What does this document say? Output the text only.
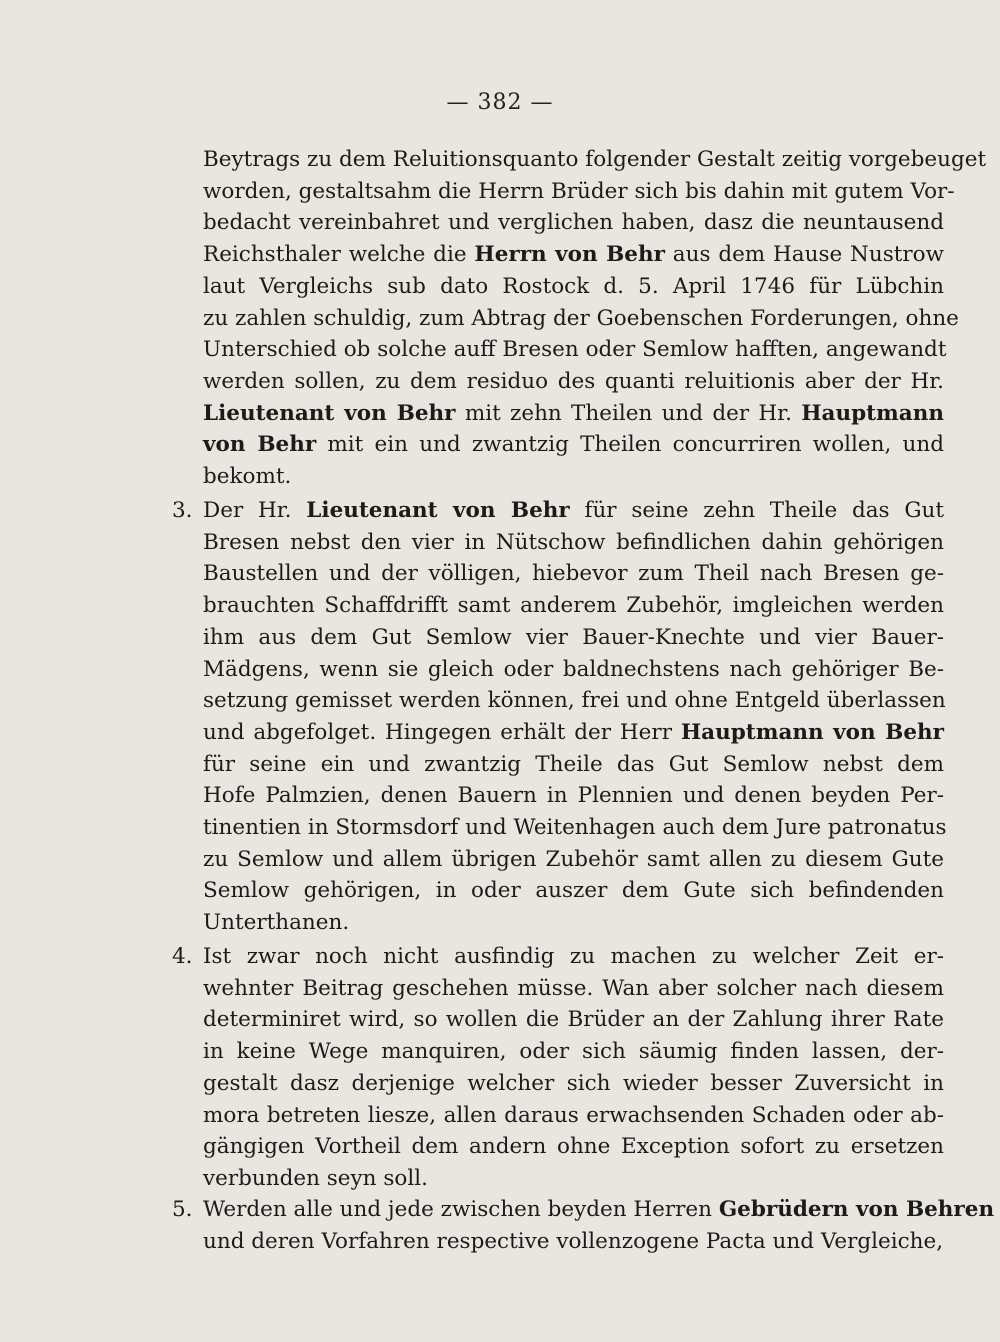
— 382 —
Beytrags zu dem Reluitionsquanto folgender Gestalt zeitig vorgebeuget
worden, gestaltsahm die Herrn Brüder sich bis dahin mit gutem Vor-
bedacht vereinbahret und verglichen haben, dasz die neuntausend
Reichsthaler welche die Herrn von Behr aus dem Hause Nustrow
laut Vergleichs sub dato Rostock d. 5. April 1746 für Lübchin
zu zahlen schuldig, zum Abtrag der Goebenschen Forderungen, ohne
Unterschied ob solche auff Bresen oder Semlow hafften, angewandt
werden sollen, zu dem residuo des quanti reluitionis aber der Hr.
Lieutenant von Behr mit zehn Theilen und der Hr. Hauptmann
von Behr mit ein und zwantzig Theilen concurriren wollen, und
bekomt.
3. Der Hr. Lieutenant von Behr für seine zehn Theile das Gut
Bresen nebst den vier in Nütschow befindlichen dahin gehörigen
Baustellen und der völligen, hiebevor zum Theil nach Bresen ge-
brauchten Schaffdrifft samt anderem Zubehör, imgleichen werden
ihm aus dem Gut Semlow vier Bauer-Knechte und vier Bauer-
Mädgens, wenn sie gleich oder baldnechstens nach gehöriger Be-
setzung gemisset werden können, frei und ohne Entgeld überlassen
und abgefolget. Hingegen erhält der Herr Hauptmann von Behr
für seine ein und zwantzig Theile das Gut Semlow nebst dem
Hofe Palmzien, denen Bauern in Plennien und denen beyden Per-
tinentien in Stormsdorf und Weitenhagen auch dem Jure patronatus
zu Semlow und allem übrigen Zubehör samt allen zu diesem Gute
Semlow gehörigen, in oder auszer dem Gute sich befindenden
Unterthanen.
4. Ist zwar noch nicht ausfindig zu machen zu welcher Zeit er-
wehnter Beitrag geschehen müsse. Wan aber solcher nach diesem
determiniret wird, so wollen die Brüder an der Zahlung ihrer Rate
in keine Wege manquiren, oder sich säumig finden lassen, der-
gestalt dasz derjenige welcher sich wieder besser Zuversicht in
mora betreten liesze, allen daraus erwachsenden Schaden oder ab-
gängigen Vortheil dem andern ohne Exception sofort zu ersetzen
verbunden seyn soll.
5. Werden alle und jede zwischen beyden Herren Gebrüdern von Behren
und deren Vorfahren respective vollenzogene Pacta und Vergleiche,
